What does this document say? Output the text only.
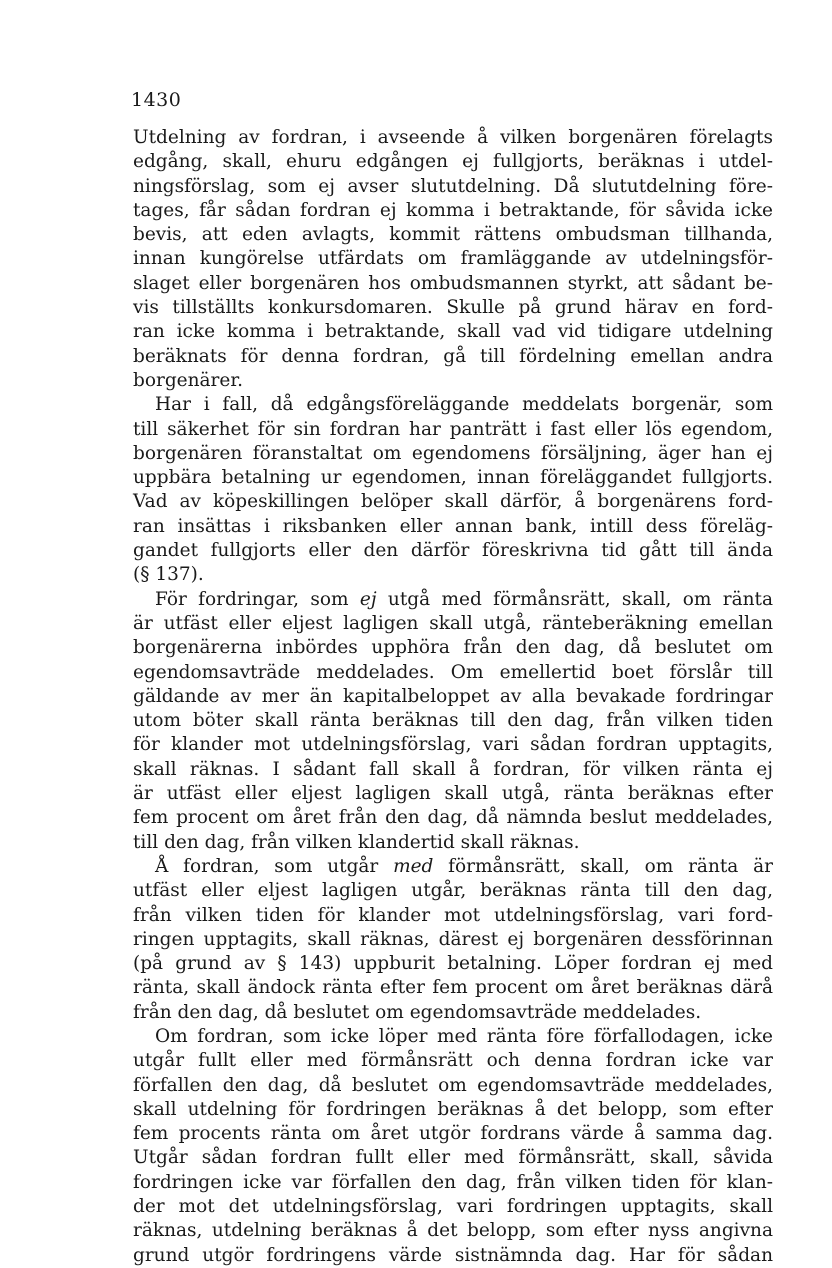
1430
Utdelning av fordran, i avseende å vilken borgenären förelagts
edgång, skall, ehuru edgången ej fullgjorts, beräknas i utdel-
ningsförslag, som ej avser slututdelning. Då slututdelning före-
tages, får sådan fordran ej komma i betraktande, för såvida icke
bevis, att eden avlagts, kommit rättens ombudsman tillhanda,
innan kungörelse utfärdats om framläggande av utdelningsför-
slaget eller borgenären hos ombudsmannen styrkt, att sådant be-
vis tillställts konkursdomaren. Skulle på grund härav en ford-
ran icke komma i betraktande, skall vad vid tidigare utdelning
beräknats för denna fordran, gå till fördelning emellan andra
borgenärer.
Har i fall, då edgångsföreläggande meddelats borgenär, som
till säkerhet för sin fordran har panträtt i fast eller lös egendom,
borgenären föranstaltat om egendomens försäljning, äger han ej
uppbära betalning ur egendomen, innan föreläggandet fullgjorts.
Vad av köpeskillingen belöper skall därför, å borgenärens ford-
ran insättas i riksbanken eller annan bank, intill dess föreläg-
gandet fullgjorts eller den därför föreskrivna tid gått till ända
(§ 137).
För fordringar, som ej utgå med förmånsrätt, skall, om ränta
är utfäst eller eljest lagligen skall utgå, ränteberäkning emellan
borgenärerna inbördes upphöra från den dag, då beslutet om
egendomsavträde meddelades. Om emellertid boet förslår till
gäldande av mer än kapitalbeloppet av alla bevakade fordringar
utom böter skall ränta beräknas till den dag, från vilken tiden
för klander mot utdelningsförslag, vari sådan fordran upptagits,
skall räknas. I sådant fall skall å fordran, för vilken ränta ej
är utfäst eller eljest lagligen skall utgå, ränta beräknas efter
fem procent om året från den dag, då nämnda beslut meddelades,
till den dag, från vilken klandertid skall räknas.
Å fordran, som utgår med förmånsrätt, skall, om ränta är
utfäst eller eljest lagligen utgår, beräknas ränta till den dag,
från vilken tiden för klander mot utdelningsförslag, vari ford-
ringen upptagits, skall räknas, därest ej borgenären dessförinnan
(på grund av § 143) uppburit betalning. Löper fordran ej med
ränta, skall ändock ränta efter fem procent om året beräknas därå
från den dag, då beslutet om egendomsavträde meddelades.
Om fordran, som icke löper med ränta före förfallodagen, icke
utgår fullt eller med förmånsrätt och denna fordran icke var
förfallen den dag, då beslutet om egendomsavträde meddelades,
skall utdelning för fordringen beräknas å det belopp, som efter
fem procents ränta om året utgör fordrans värde å samma dag.
Utgår sådan fordran fullt eller med förmånsrätt, skall, såvida
fordringen icke var förfallen den dag, från vilken tiden för klan-
der mot det utdelningsförslag, vari fordringen upptagits, skall
räknas, utdelning beräknas å det belopp, som efter nyss angivna
grund utgör fordringens värde sistnämnda dag. Har för sådan
